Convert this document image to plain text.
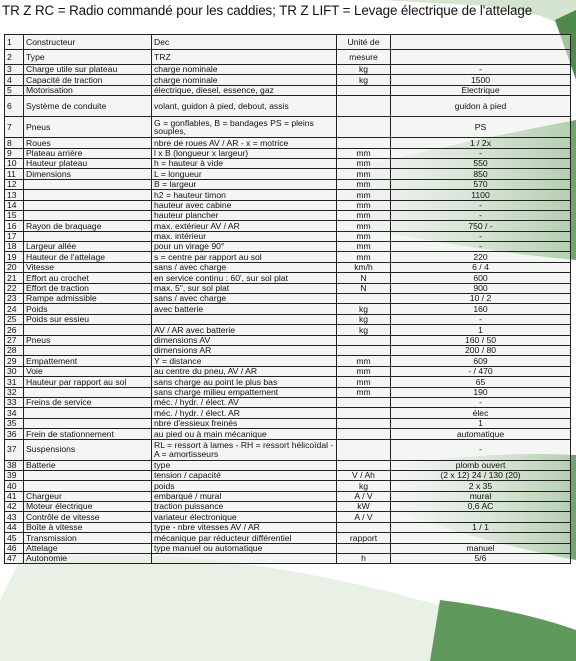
TR Z RC = Radio commandé pour les caddies; TR Z LIFT = Levage électrique de l'attelage
1	Constructeur	Dec	Unité de	
2	Type	TRZ	mesure	
3	Charge utile sur plateau	charge nominale	kg	-
4	Capacité de traction	charge nominale	kg	1500
5	Motorisation	électrique, diesel, essence, gaz		Electrique
6	Système de conduite	volant, guidon à pied, debout, assis		guidon à pied
7	Pneus	G = gonflables, B = bandages PS = pleins souples,		PS
8	Roues	nbre de roues AV / AR - x = motrice		1 / 2x
9	Plateau arrière	l x B (longueur x largeur)	mm	-
10	Hauteur plateau	h = hauteur à vide	mm	550
11	Dimensions	L = longueur	mm	850
12		B = largeur	mm	570
13		h2 = hauteur timon	mm	1100
14		hauteur avec cabine	mm	-
15		hauteur plancher	mm	-
16	Rayon de braquage	max. extérieur AV / AR	mm	750 / -
17		max. intérieur	mm	-
18	Largeur allée	pour un virage 90°	mm	-
19	Hauteur de l'attelage	s = centre par rapport au sol	mm	220
20	Vitesse	sans / avec charge	km/h	6 / 4
21	Effort au crochet	en service continu : 60', sur sol plat	N	600
22	Effort de traction	max. 5", sur sol plat	N	900
23	Rampe admissible	sans / avec charge		10 / 2
24	Poids	avec batterie	kg	160
25	Poids sur essieu		kg	-
26		AV / AR avec batterie	kg	1
27	Pneus	dimensions AV		160 / 50
28		dimensions AR		200 / 80
29	Empattement	Y = distance	mm	609
30	Voie	au centre du pneu, AV / AR	mm	- / 470
31	Hauteur par rapport au sol	sans charge au point le plus bas	mm	65
32		sans charge milieu empattement	mm	190
33	Freins de service	méc. / hydr. / élect. AV		-
34		méc. / hydr. / élect. AR		élec
35		nbre d'essieux freinés		1
36	Frein de stationnement	au pied ou à main mécanique		automatique
37	Suspensions	RL = ressort à lames - RH = ressort hélicoïdal - A = amortisseurs		-
38	Batterie	type		plomb ouvert
39		tension / capacité	V / Ah	(2 x 12) 24 / 130 (20)
40		poids	kg	2 x 35
41	Chargeur	embarqué / mural	A / V	mural
42	Moteur électrique	traction puissance	kW	0,6 AC
43	Contrôle de vitesse	variateur électronique	A / V	
44	Boîte à vitesse	type - nbre vitesses AV / AR		1 / 1
45	Transmission	mécanique par réducteur différentiel	rapport	
46	Attelage	type manuel ou automatique		manuel
47	Autonomie		h	5/6
